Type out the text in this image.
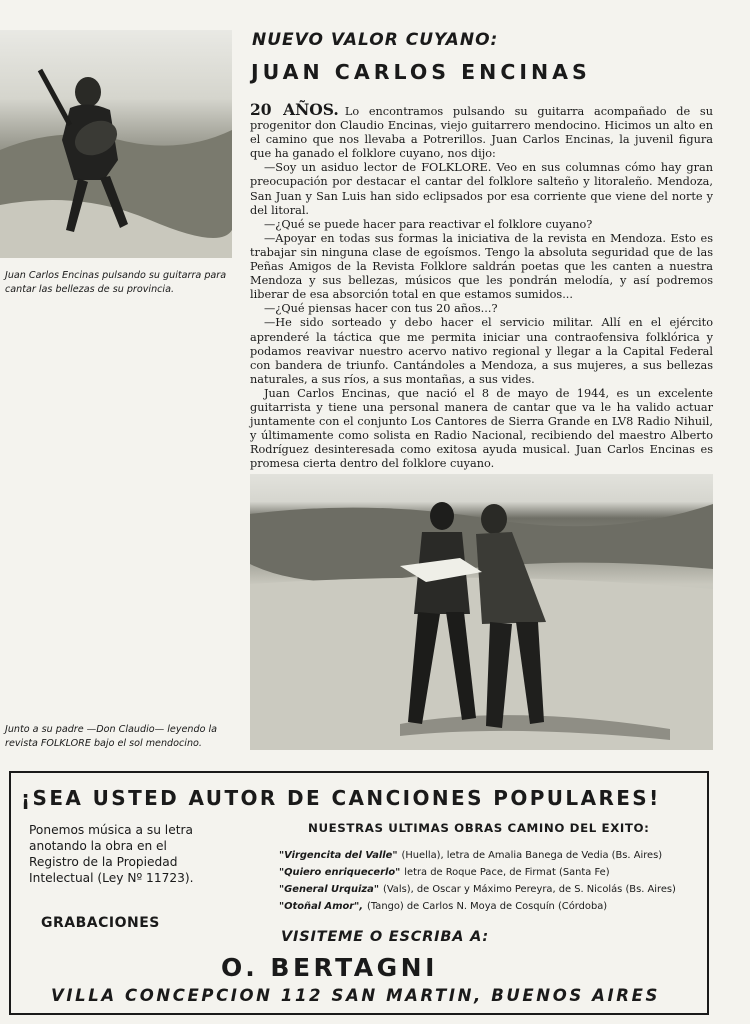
Juan Carlos Encinas pulsando su guitarra para cantar las bellezas de su provincia.

NUEVO VALOR CUYANO:
JUAN CARLOS ENCINAS

20 AÑOS. Lo encontramos pulsando su guitarra acompañado de su progenitor don Claudio Encinas, viejo guitarrero mendocino. Hicimos un alto en el camino que nos llevaba a Potrerillos. Juan Carlos Encinas, la juvenil figura que ha ganado el folklore cuyano, nos dijo:

—Soy un asiduo lector de FOLKLORE. Veo en sus columnas cómo hay gran preocupación por destacar el cantar del folklore salteño y litoraleño. Mendoza, San Juan y San Luis han sido eclipsados por esa corriente que viene del norte y del litoral.

—¿Qué se puede hacer para reactivar el folklore cuyano?

—Apoyar en todas sus formas la iniciativa de la revista en Mendoza. Esto es trabajar sin ninguna clase de egoísmos. Tengo la absoluta seguridad que de las Peñas Amigos de la Revista Folklore saldrán poetas que les canten a nuestra Mendoza y sus bellezas, músicos que les pondrán melodía, y así podremos liberar de esa absorción total en que estamos sumidos...

—¿Qué piensas hacer con tus 20 años...?

—He sido sorteado y debo hacer el servicio militar. Allí en el ejército aprenderé la táctica que me permita iniciar una contraofensiva folklórica y podamos reavivar nuestro acervo nativo regional y llegar a la Capital Federal con bandera de triunfo. Cantándoles a Mendoza, a sus mujeres, a sus bellezas naturales, a sus ríos, a sus montañas, a sus vides.

Juan Carlos Encinas, que nació el 8 de mayo de 1944, es un excelente guitarrista y tiene una personal manera de cantar que va le ha valido actuar juntamente con el conjunto Los Cantores de Sierra Grande en LV8 Radio Nihuil, y últimamente como solista en Radio Nacional, recibiendo del maestro Alberto Rodríguez desinteresada como exitosa ayuda musical. Juan Carlos Encinas es promesa cierta dentro del folklore cuyano.

Junto a su padre —Don Claudio— leyendo la revista FOLKLORE bajo el sol mendocino.

¡SEA USTED AUTOR DE CANCIONES POPULARES!

Ponemos música a su letra anotando la obra en el Registro de la Propiedad Intelectual (Ley Nº 11723).

GRABACIONES

NUESTRAS ULTIMAS OBRAS CAMINO DEL EXITO:

"Virgencita del Valle" (Huella), letra de Amalia Banega de Vedia (Bs. Aires)
"Quiero enriquecerlo" letra de Roque Pace, de Firmat (Santa Fe)
"General Urquiza" (Vals), de Oscar y Máximo Pereyra, de S. Nicolás (Bs. Aires)
"Otoñal Amor", (Tango) de Carlos N. Moya de Cosquín (Córdoba)

VISITEME O ESCRIBA A:

O. BERTAGNI

VILLA CONCEPCION 112 SAN MARTIN, BUENOS AIRES
